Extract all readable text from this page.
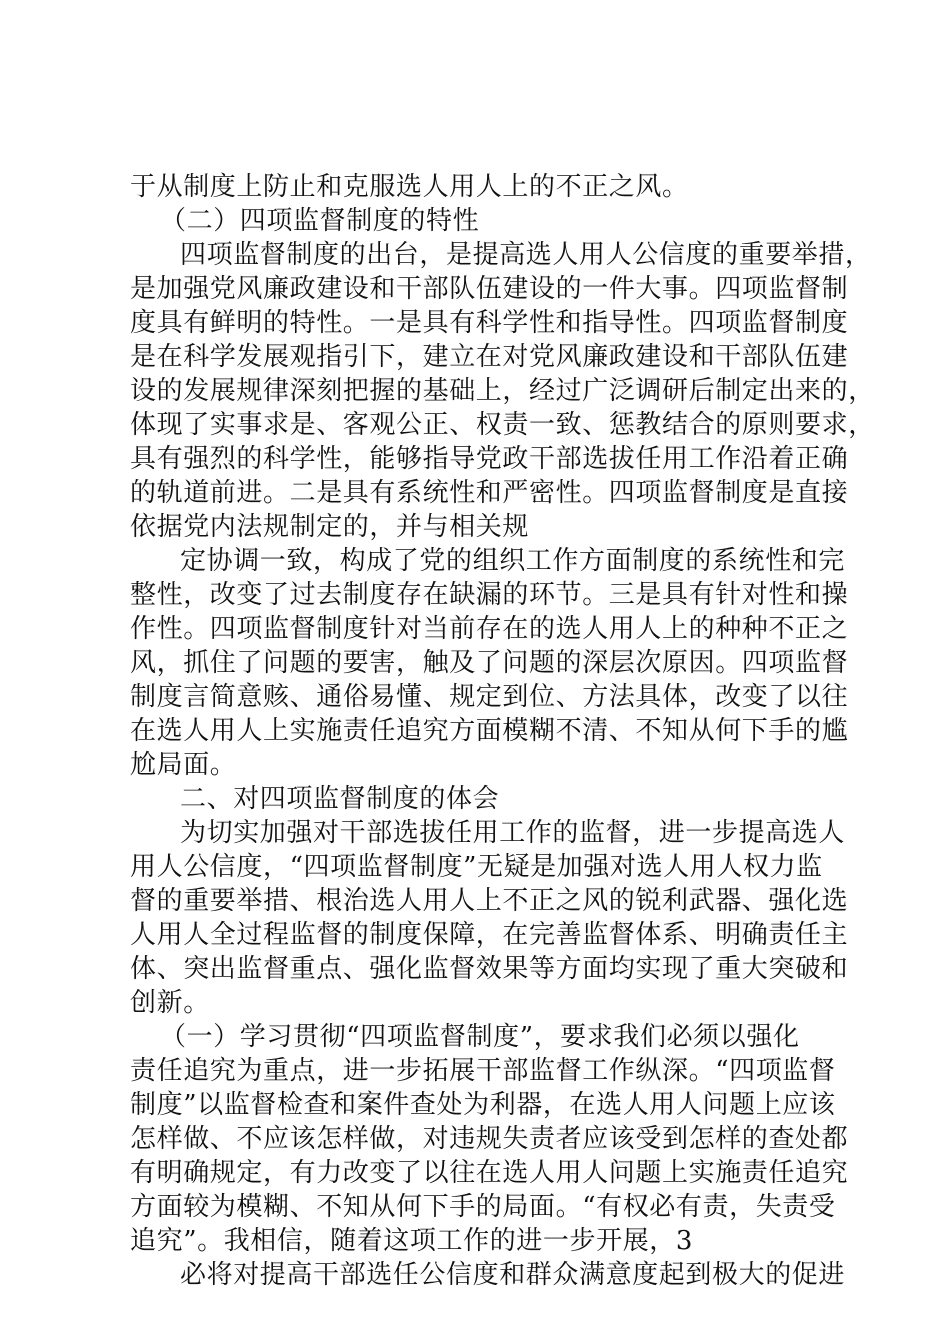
于从制度上防止和克服选人用人上的不正之风。
（二）四项监督制度的特性
四项监督制度的出台，是提高选人用人公信度的重要举措，
是加强党风廉政建设和干部队伍建设的一件大事。四项监督制
度具有鲜明的特性。一是具有科学性和指导性。四项监督制度
是在科学发展观指引下，建立在对党风廉政建设和干部队伍建
设的发展规律深刻把握的基础上，经过广泛调研后制定出来的，
体现了实事求是、客观公正、权责一致、惩教结合的原则要求，
具有强烈的科学性，能够指导党政干部选拔任用工作沿着正确
的轨道前进。二是具有系统性和严密性。四项监督制度是直接
依据党内法规制定的，并与相关规
定协调一致，构成了党的组织工作方面制度的系统性和完
整性，改变了过去制度存在缺漏的环节。三是具有针对性和操
作性。四项监督制度针对当前存在的选人用人上的种种不正之
风，抓住了问题的要害，触及了问题的深层次原因。四项监督
制度言简意赅、通俗易懂、规定到位、方法具体，改变了以往
在选人用人上实施责任追究方面模糊不清、不知从何下手的尴
尬局面。
二、对四项监督制度的体会
为切实加强对干部选拔任用工作的监督，进一步提高选人
用人公信度，“四项监督制度”无疑是加强对选人用人权力监
督的重要举措、根治选人用人上不正之风的锐利武器、强化选
人用人全过程监督的制度保障，在完善监督体系、明确责任主
体、突出监督重点、强化监督效果等方面均实现了重大突破和
创新。
（一）学习贯彻“四项监督制度”，要求我们必须以强化
责任追究为重点，进一步拓展干部监督工作纵深。“四项监督
制度”以监督检查和案件查处为利器，在选人用人问题上应该
怎样做、不应该怎样做，对违规失责者应该受到怎样的查处都
有明确规定，有力改变了以往在选人用人问题上实施责任追究
方面较为模糊、不知从何下手的局面。“有权必有责，失责受
追究”。我相信，随着这项工作的进一步开展，3
必将对提高干部选任公信度和群众满意度起到极大的促进
